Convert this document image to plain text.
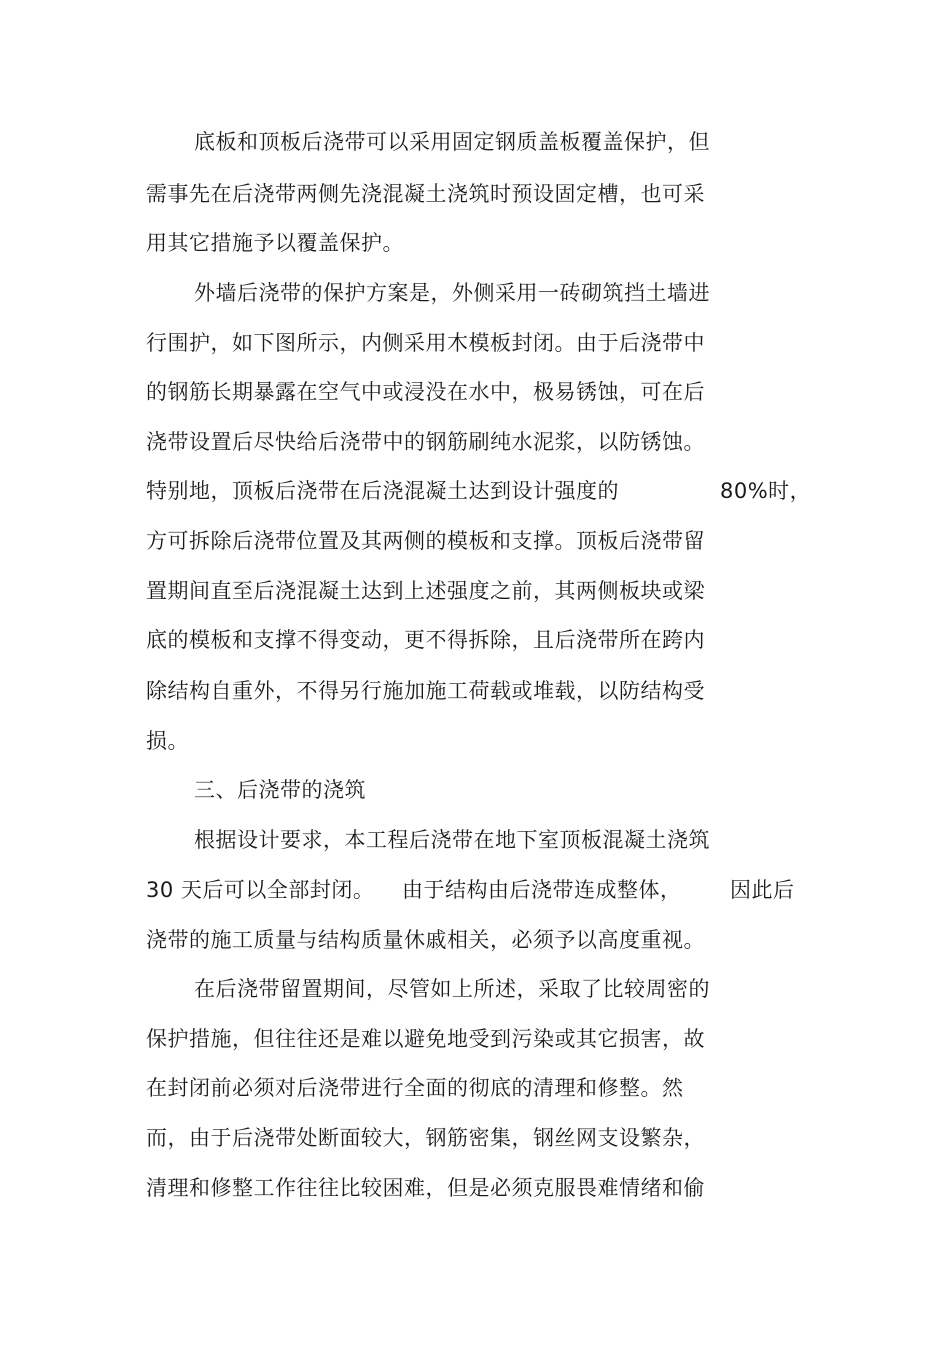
底板和顶板后浇带可以采用固定钢质盖板覆盖保护，但
需事先在后浇带两侧先浇混凝土浇筑时预设固定槽，也可采
用其它措施予以覆盖保护。
外墙后浇带的保护方案是，外侧采用一砖砌筑挡土墙进
行围护，如下图所示，内侧采用木模板封闭。由于后浇带中
的钢筋长期暴露在空气中或浸没在水中，极易锈蚀，可在后
浇带设置后尽快给后浇带中的钢筋刷纯水泥浆，以防锈蚀。
特别地，顶板后浇带在后浇混凝土达到设计强度的	80%时，
方可拆除后浇带位置及其两侧的模板和支撑。顶板后浇带留
置期间直至后浇混凝土达到上述强度之前，其两侧板块或梁
底的模板和支撑不得变动，更不得拆除，且后浇带所在跨内
除结构自重外，不得另行施加施工荷载或堆载，以防结构受
损。
三、后浇带的浇筑
根据设计要求，本工程后浇带在地下室顶板混凝土浇筑
30 天后可以全部封闭。 由于结构由后浇带连成整体， 因此后
浇带的施工质量与结构质量休戚相关，必须予以高度重视。
在后浇带留置期间，尽管如上所述，采取了比较周密的
保护措施，但往往还是难以避免地受到污染或其它损害，故
在封闭前必须对后浇带进行全面的彻底的清理和修整。然
而，由于后浇带处断面较大，钢筋密集，钢丝网支设繁杂，
清理和修整工作往往比较困难，但是必须克服畏难情绪和偷
